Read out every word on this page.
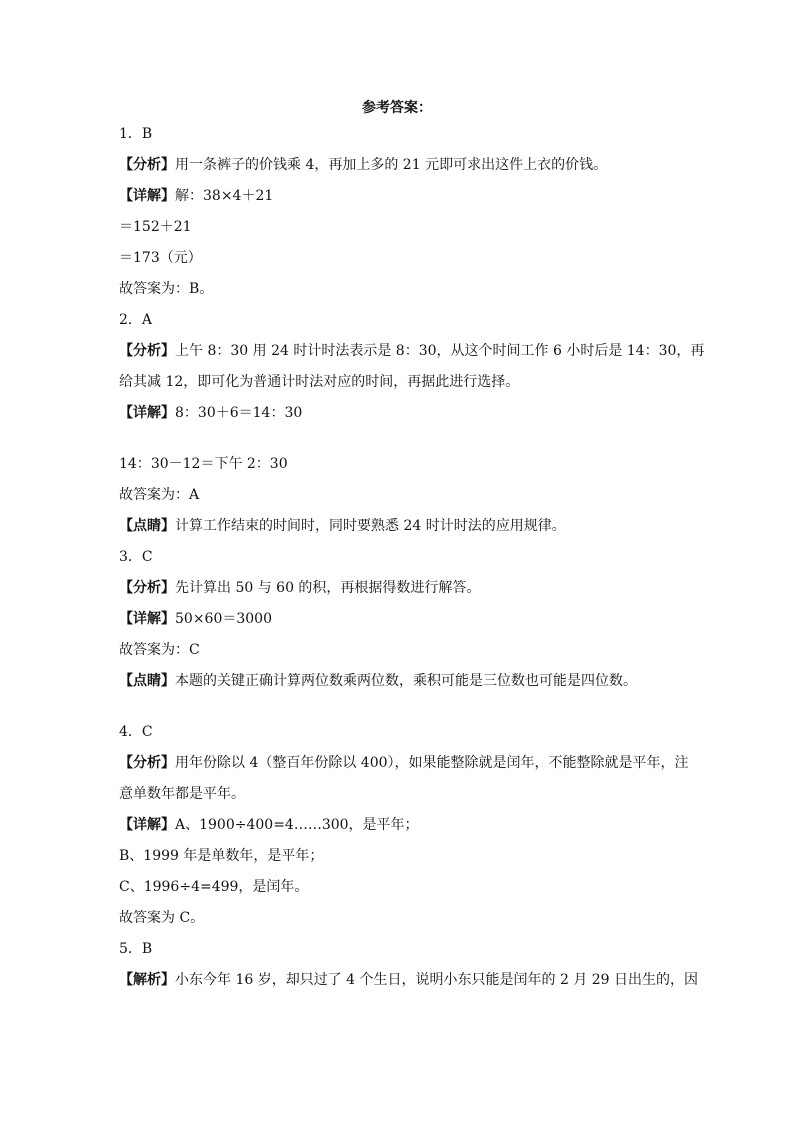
参考答案：
1．B
【分析】用一条裤子的价钱乘 4，再加上多的 21 元即可求出这件上衣的价钱。
【详解】解：38×4＋21
＝152＋21
＝173（元）
故答案为：B。
2．A
【分析】上午 8：30 用 24 时计时法表示是 8：30，从这个时间工作 6 小时后是 14：30，再
给其减 12，即可化为普通计时法对应的时间，再据此进行选择。
【详解】8：30＋6＝14：30
14：30－12＝下午 2：30
故答案为：A
【点睛】计算工作结束的时间时，同时要熟悉 24 时计时法的应用规律。
3．C
【分析】先计算出 50 与 60 的积，再根据得数进行解答。
【详解】50×60＝3000
故答案为：C
【点睛】本题的关键正确计算两位数乘两位数，乘积可能是三位数也可能是四位数。
4．C
【分析】用年份除以 4（整百年份除以 400），如果能整除就是闰年，不能整除就是平年，注
意单数年都是平年。
【详解】A、1900÷400=4……300，是平年；
B、1999 年是单数年，是平年；
C、1996÷4=499，是闰年。
故答案为 C。
5．B
【解析】小东今年 16 岁，却只过了 4 个生日，说明小东只能是闰年的 2 月 29 日出生的，因
